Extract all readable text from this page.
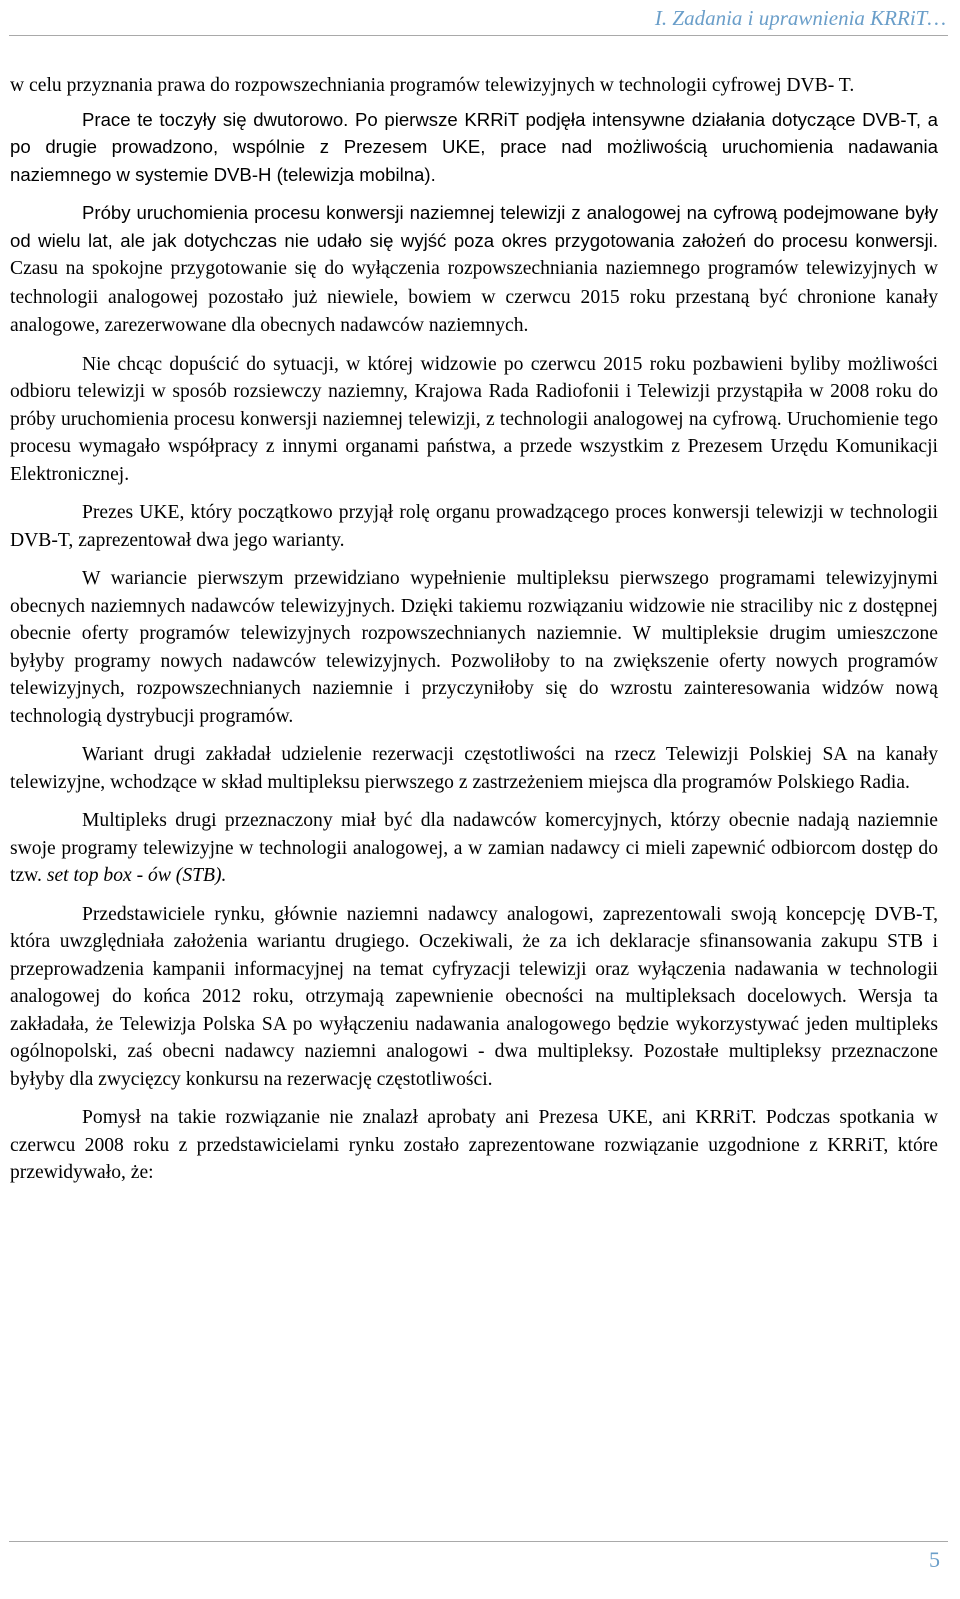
I. Zadania i uprawnienia KRRiT…

w celu przyznania prawa do rozpowszechniania programów telewizyjnych w technologii cyfrowej DVB- T.

Prace te toczyły się dwutorowo. Po pierwsze KRRiT podjęła intensywne działania dotyczące DVB-T, a po drugie prowadzono, wspólnie z Prezesem UKE, prace nad możliwością uruchomienia nadawania naziemnego w systemie DVB-H (telewizja mobilna).

Próby uruchomienia procesu konwersji naziemnej telewizji z analogowej na cyfrową podejmowane były od wielu lat, ale jak dotychczas nie udało się wyjść poza okres przygotowania założeń do procesu konwersji. Czasu na spokojne przygotowanie się do wyłączenia rozpowszechniania naziemnego programów telewizyjnych w technologii analogowej pozostało już niewiele, bowiem w czerwcu 2015 roku przestaną być chronione kanały analogowe, zarezerwowane dla obecnych nadawców naziemnych.

Nie chcąc dopuścić do sytuacji, w której widzowie po czerwcu 2015 roku pozbawieni byliby możliwości odbioru telewizji w sposób rozsiewczy naziemny, Krajowa Rada Radiofonii i Telewizji przystąpiła w 2008 roku do próby uruchomienia procesu konwersji naziemnej telewizji, z technologii analogowej na cyfrową. Uruchomienie tego procesu wymagało współpracy z innymi organami państwa, a przede wszystkim z Prezesem Urzędu Komunikacji Elektronicznej.

Prezes UKE, który początkowo przyjął rolę organu prowadzącego proces konwersji telewizji w technologii DVB-T, zaprezentował dwa jego warianty.

W wariancie pierwszym przewidziano wypełnienie multipleksu pierwszego programami telewizyjnymi obecnych naziemnych nadawców telewizyjnych. Dzięki takiemu rozwiązaniu widzowie nie straciliby nic z dostępnej obecnie oferty programów telewizyjnych rozpowszechnianych naziemnie. W multipleksie drugim umieszczone byłyby programy nowych nadawców telewizyjnych. Pozwoliłoby to na zwiększenie oferty nowych programów telewizyjnych, rozpowszechnianych naziemnie i przyczyniłoby się do wzrostu zainteresowania widzów nową technologią dystrybucji programów.

Wariant drugi zakładał udzielenie rezerwacji częstotliwości na rzecz Telewizji Polskiej SA na kanały telewizyjne, wchodzące w skład multipleksu pierwszego z zastrzeżeniem miejsca dla programów Polskiego Radia.

Multipleks drugi przeznaczony miał być dla nadawców komercyjnych, którzy obecnie nadają naziemnie swoje programy telewizyjne w technologii analogowej, a w zamian nadawcy ci mieli zapewnić odbiorcom dostęp do tzw. set top box - ów (STB).

Przedstawiciele rynku, głównie naziemni nadawcy analogowi, zaprezentowali swoją koncepcję DVB-T, która uwzględniała założenia wariantu drugiego. Oczekiwali, że za ich deklaracje sfinansowania zakupu STB i przeprowadzenia kampanii informacyjnej na temat cyfryzacji telewizji oraz wyłączenia nadawania w technologii analogowej do końca 2012 roku, otrzymają zapewnienie obecności na multipleksach docelowych. Wersja ta zakładała, że Telewizja Polska SA po wyłączeniu nadawania analogowego będzie wykorzystywać jeden multipleks ogólnopolski, zaś obecni nadawcy naziemni analogowi - dwa multipleksy. Pozostałe multipleksy przeznaczone byłyby dla zwycięzcy konkursu na rezerwację częstotliwości.

Pomysł na takie rozwiązanie nie znalazł aprobaty ani Prezesa UKE, ani KRRiT. Podczas spotkania w czerwcu 2008 roku z przedstawicielami rynku zostało zaprezentowane rozwiązanie uzgodnione z KRRiT, które przewidywało, że:

5
